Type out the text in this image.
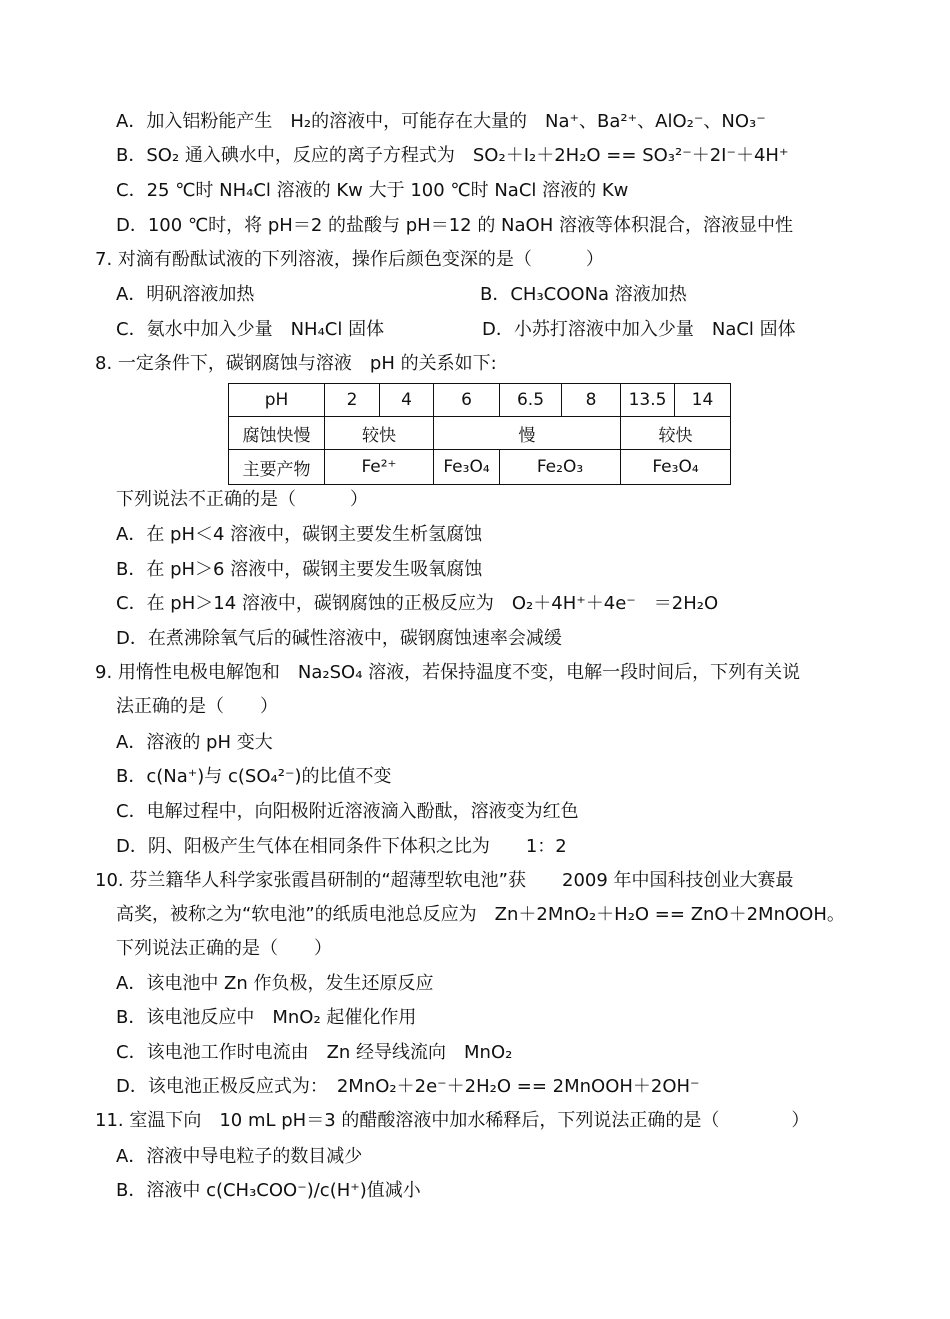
A．加入铝粉能产生　H₂的溶液中，可能存在大量的　Na⁺、Ba²⁺、AlO₂⁻、NO₃⁻
B．SO₂ 通入碘水中，反应的离子方程式为　SO₂＋I₂＋2H₂O == SO₃²⁻＋2I⁻＋4H⁺
C．25 ℃时 NH₄Cl 溶液的 Kw 大于 100 ℃时 NaCl 溶液的 Kw
D．100 ℃时，将 pH＝2 的盐酸与 pH＝12 的 NaOH 溶液等体积混合，溶液显中性
7. 对滴有酚酞试液的下列溶液，操作后颜色变深的是（　　　）
A．明矾溶液加热	B．CH₃COONa 溶液加热
C．氨水中加入少量　NH₄Cl 固体	D．小苏打溶液中加入少量　NaCl 固体
8. 一定条件下，碳钢腐蚀与溶液　pH 的关系如下:
pH	2	4	6	6.5	8	13.5	14
腐蚀快慢	较快		慢			较快	
主要产物	Fe²⁺		Fe₃O₄	Fe₂O₃		Fe₃O₄	
下列说法不正确的是（　　　）
A．在 pH＜4 溶液中，碳钢主要发生析氢腐蚀
B．在 pH＞6 溶液中，碳钢主要发生吸氧腐蚀
C．在 pH＞14 溶液中，碳钢腐蚀的正极反应为　O₂＋4H⁺＋4e⁻　＝2H₂O
D．在煮沸除氧气后的碱性溶液中，碳钢腐蚀速率会减缓
9. 用惰性电极电解饱和　Na₂SO₄ 溶液，若保持温度不变，电解一段时间后，下列有关说
法正确的是（　　）
A．溶液的 pH 变大
B．c(Na⁺)与 c(SO₄²⁻)的比值不变
C．电解过程中，向阳极附近溶液滴入酚酞，溶液变为红色
D．阴、阳极产生气体在相同条件下体积之比为　　1：2
10. 芬兰籍华人科学家张霞昌研制的“超薄型软电池”获　　2009 年中国科技创业大赛最
高奖，被称之为“软电池”的纸质电池总反应为　Zn＋2MnO₂＋H₂O == ZnO＋2MnOOH。
下列说法正确的是（　　）
A．该电池中 Zn 作负极，发生还原反应
B．该电池反应中　MnO₂ 起催化作用
C．该电池工作时电流由　Zn 经导线流向　MnO₂
D．该电池正极反应式为：　2MnO₂＋2e⁻＋2H₂O == 2MnOOH＋2OH⁻
11. 室温下向　10 mL pH＝3 的醋酸溶液中加水稀释后，下列说法正确的是（　　　　）
A．溶液中导电粒子的数目减少
B．溶液中 c(CH₃COO⁻)/c(H⁺)值减小
